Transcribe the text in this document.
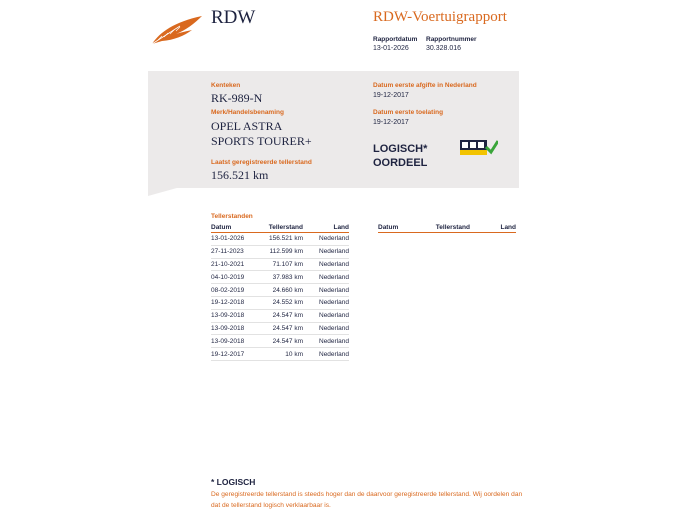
RDW	RDW-Voertuigrapport
Rapportdatum
13-01-2026
Rapportnummer
30.328.016
Kenteken
RK-989-N
Merk/Handelsbenaming
OPEL ASTRA
SPORTS TOURER+
Laatst geregistreerde tellerstand
156.521 km
Datum eerste afgifte in Nederland
19-12-2017
Datum eerste toelating
19-12-2017
LOGISCH*
OORDEEL
Tellerstanden
Datum	Tellerstand	Land
13-01-2026	156.521 km	Nederland
27-11-2023	112.599 km	Nederland
21-10-2021	71.107 km	Nederland
04-10-2019	37.983 km	Nederland
08-02-2019	24.660 km	Nederland
19-12-2018	24.552 km	Nederland
13-09-2018	24.547 km	Nederland
13-09-2018	24.547 km	Nederland
13-09-2018	24.547 km	Nederland
19-12-2017	10 km	Nederland
Datum	Tellerstand	Land
* LOGISCH
De geregistreerde tellerstand is steeds hoger dan de daarvoor geregistreerde tellerstand. Wij oordelen dan dat de tellerstand logisch verklaarbaar is.
